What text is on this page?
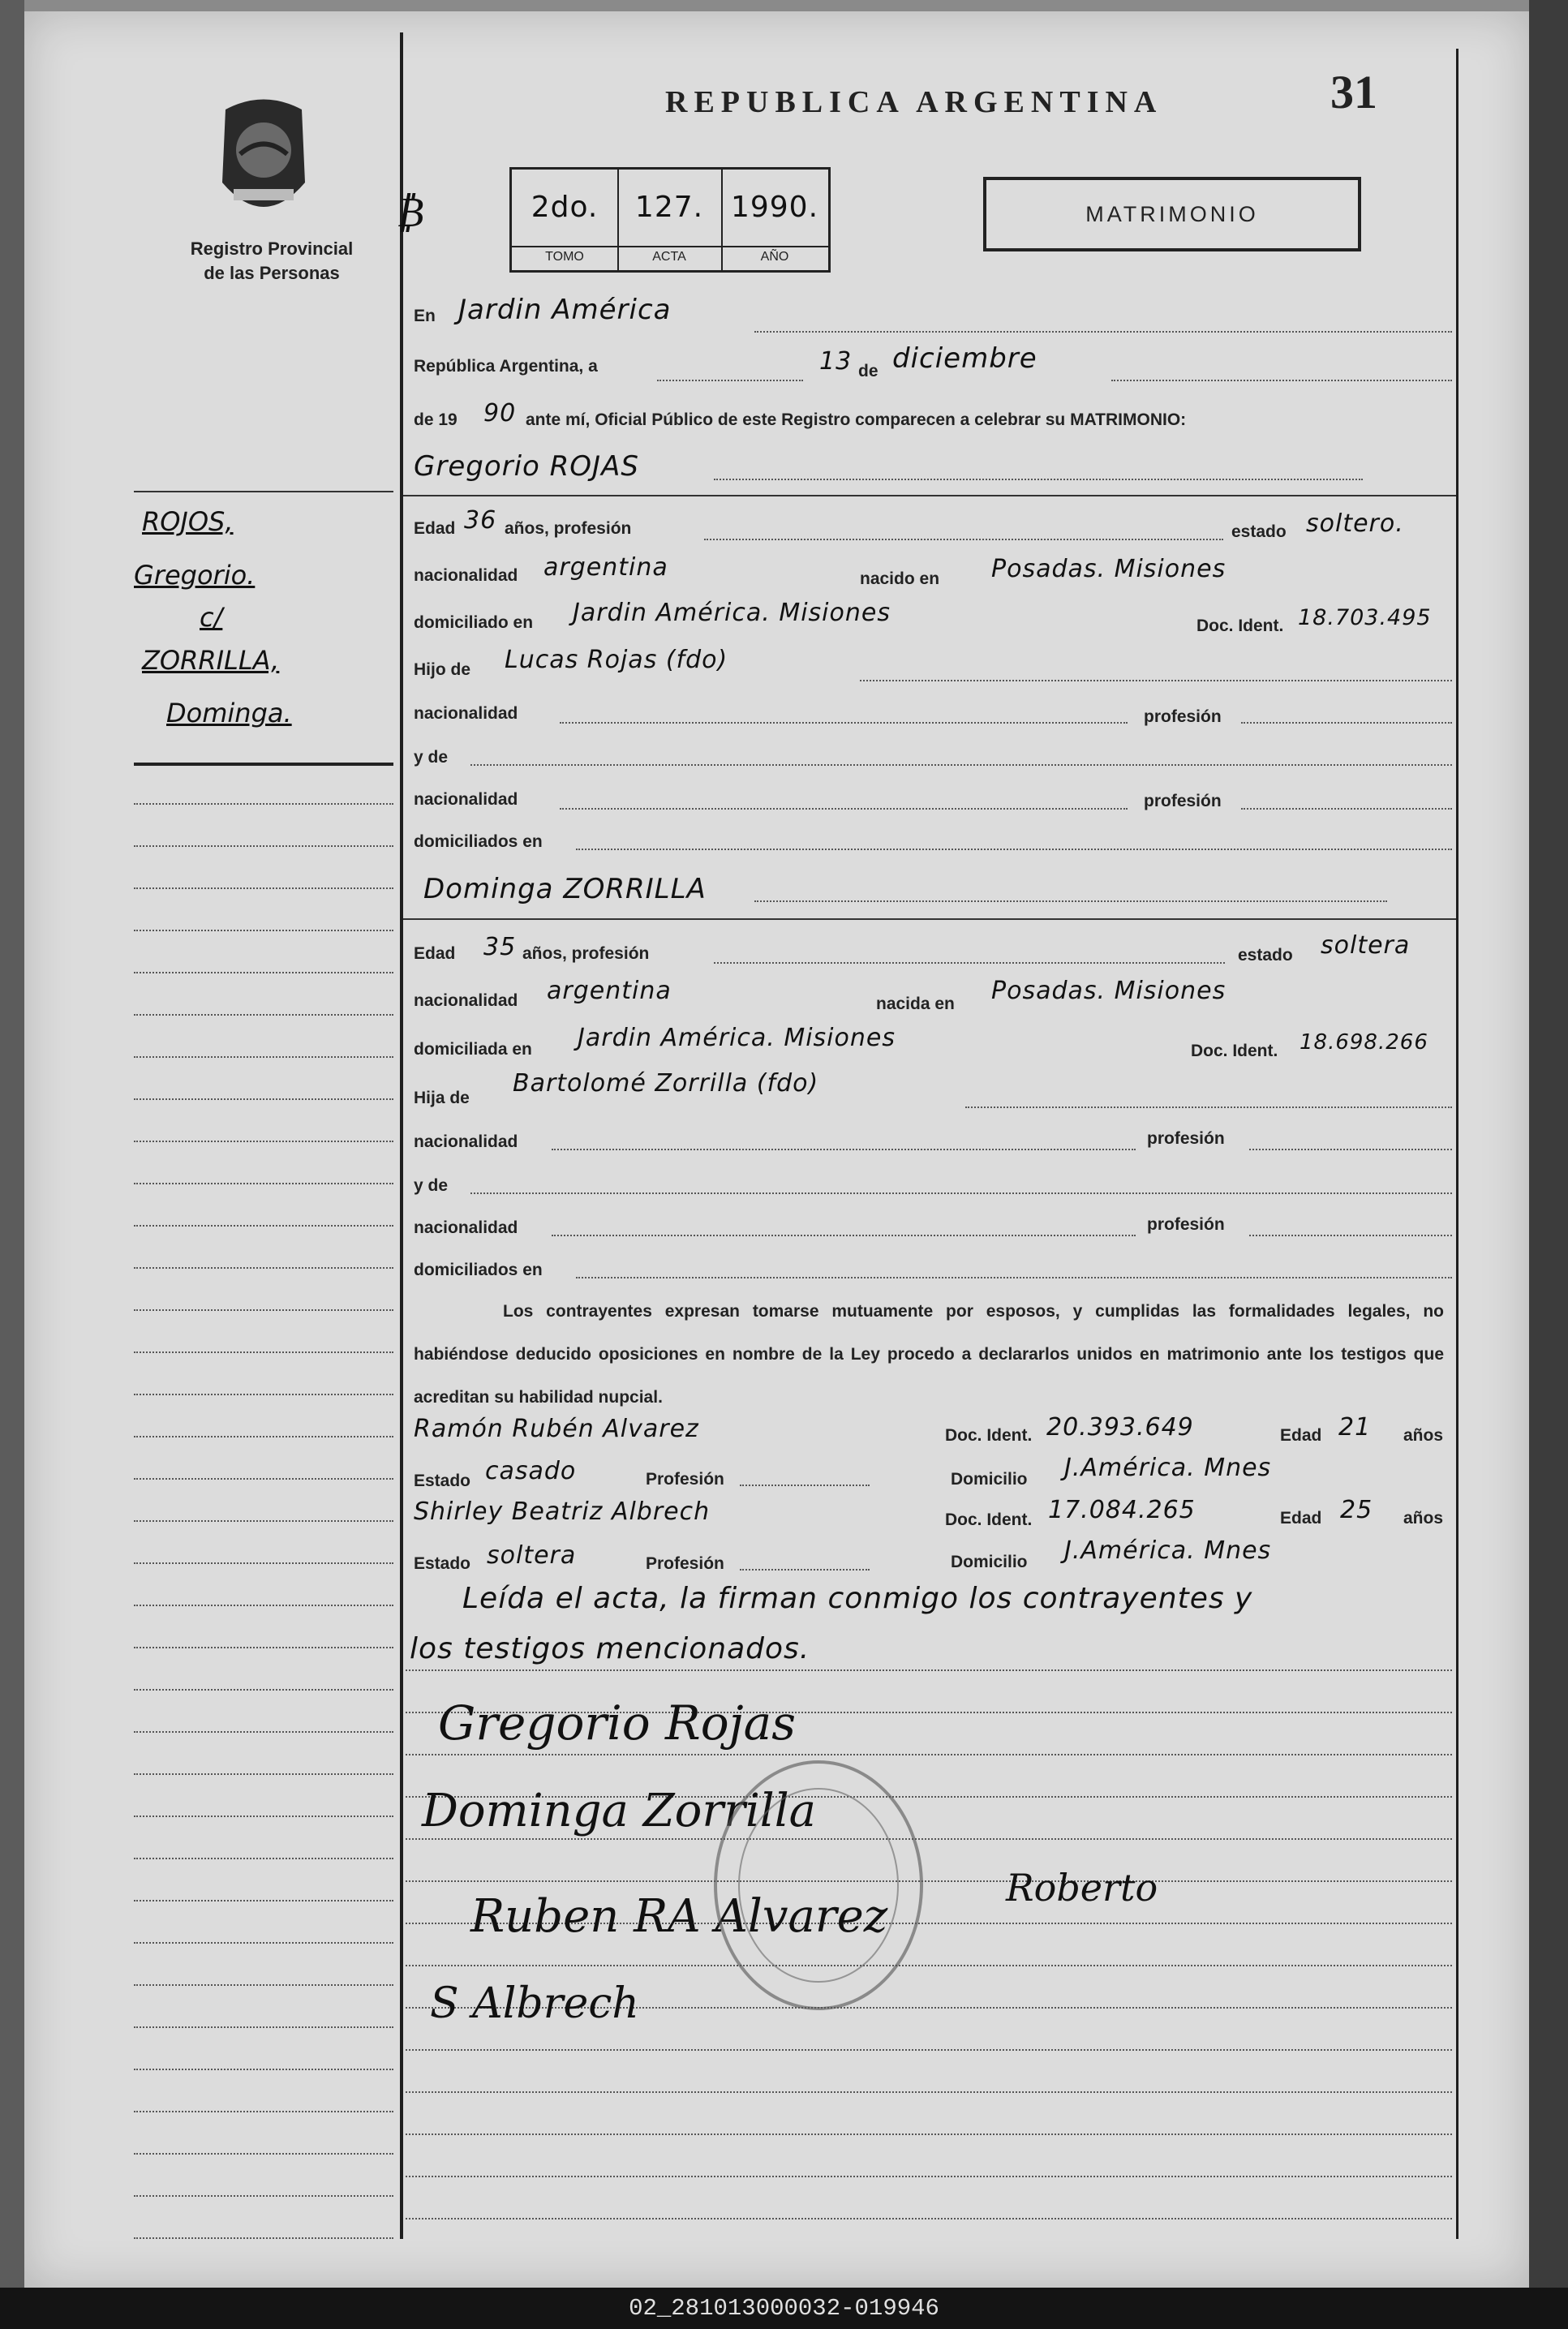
Registro Provincial
de las Personas
REPUBLICA ARGENTINA	31
₿	2do.
TOMO
127.
ACTA
1990.
AÑO
MATRIMONIO
En Jardin América
República Argentina, a	13 de diciembre
de 19 90 ante mí, Oficial Público de este Registro comparecen a celebrar su MATRIMONIO:
Gregorio ROJAS
Edad 36 años, profesión	estado soltero.
nacionalidad argentina	nacido en Posadas. Misiones
domiciliado en Jardin América. Misiones	Doc. Ident. 18.703.495
Hijo de Lucas Rojas (fdo)
nacionalidad	profesión
y de
nacionalidad	profesión
domiciliados en
Dominga ZORRILLA
Edad 35 años, profesión	estado soltera
nacionalidad argentina	nacida en Posadas. Misiones
domiciliada en Jardin América. Misiones	Doc. Ident. 18.698.266
Hija de
Bartolomé Zorrilla (fdo)
nacionalidad	profesión
y de
nacionalidad	profesión
domiciliados en
Los contrayentes expresan tomarse mutuamente por esposos, y cumplidas las formalidades legales, no habiéndose deducido oposiciones en nombre de la Ley procedo a declararlos unidos en matrimonio ante los testigos que acreditan su habilidad nupcial.
Ramón Rubén Alvarez	Doc. Ident. 20.393.649	Edad 21 años
Estado casado	Profesión	Domicilio J.América. Mnes
Shirley Beatriz Albrech	Doc. Ident. 17.084.265	Edad 25 años
Estado soltera	Profesión	Domicilio J.América. Mnes
Leída el acta, la firman conmigo los contrayentes y
los testigos mencionados.
Gregorio Rojas
Dominga Zorrilla
Ruben RA Alvarez
S Albrech
Roberto
ROJOS,
Gregorio.
c/
ZORRILLA,
Dominga.
02_281013000032-019946
